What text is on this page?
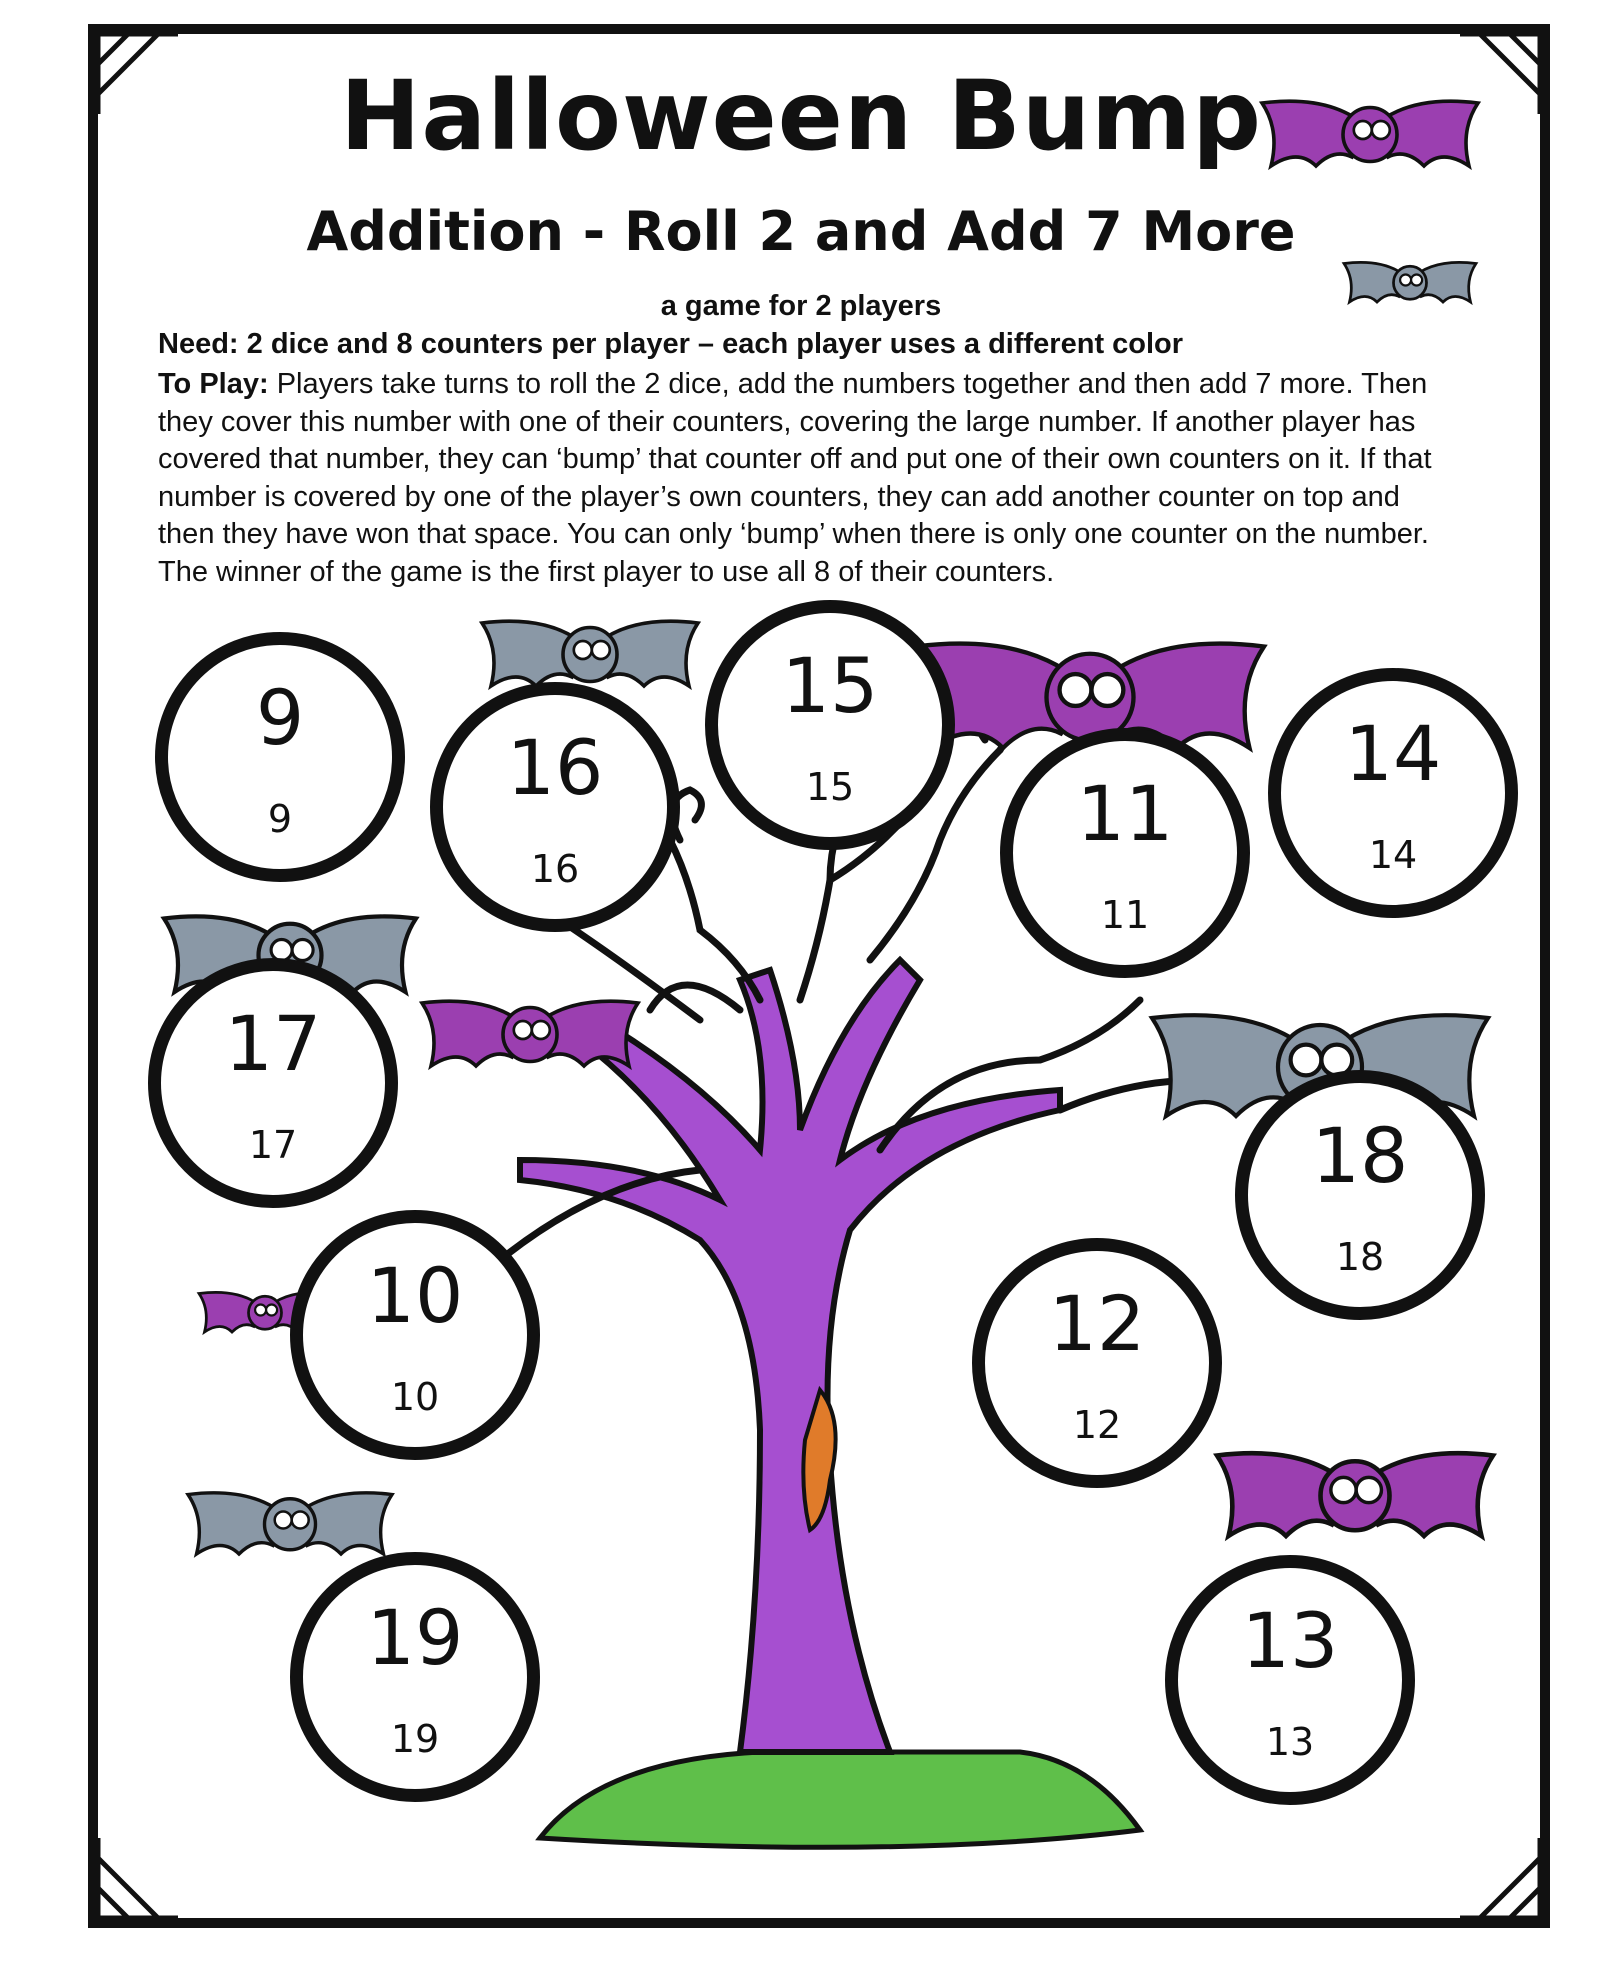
Halloween Bump
Addition - Roll 2 and Add 7 More
a game for 2 players
Need: 2 dice and 8 counters per player – each player uses a different color
To Play: Players take turns to roll the 2 dice, add the numbers together and then add 7 more. Then they cover this number with one of their counters, covering the large number. If another player has covered that number, they can ‘bump’ that counter off and put one of their own counters on it. If that number is covered by one of the player’s own counters, they can add another counter on top and then they have won that space. You can only ‘bump’ when there is only one counter on the number. The winner of the game is the first player to use all 8 of their counters.
9
9
16
16
15
15	11
11
14
14
17
17	18
18
10
10
12
12
19
19
13
13
